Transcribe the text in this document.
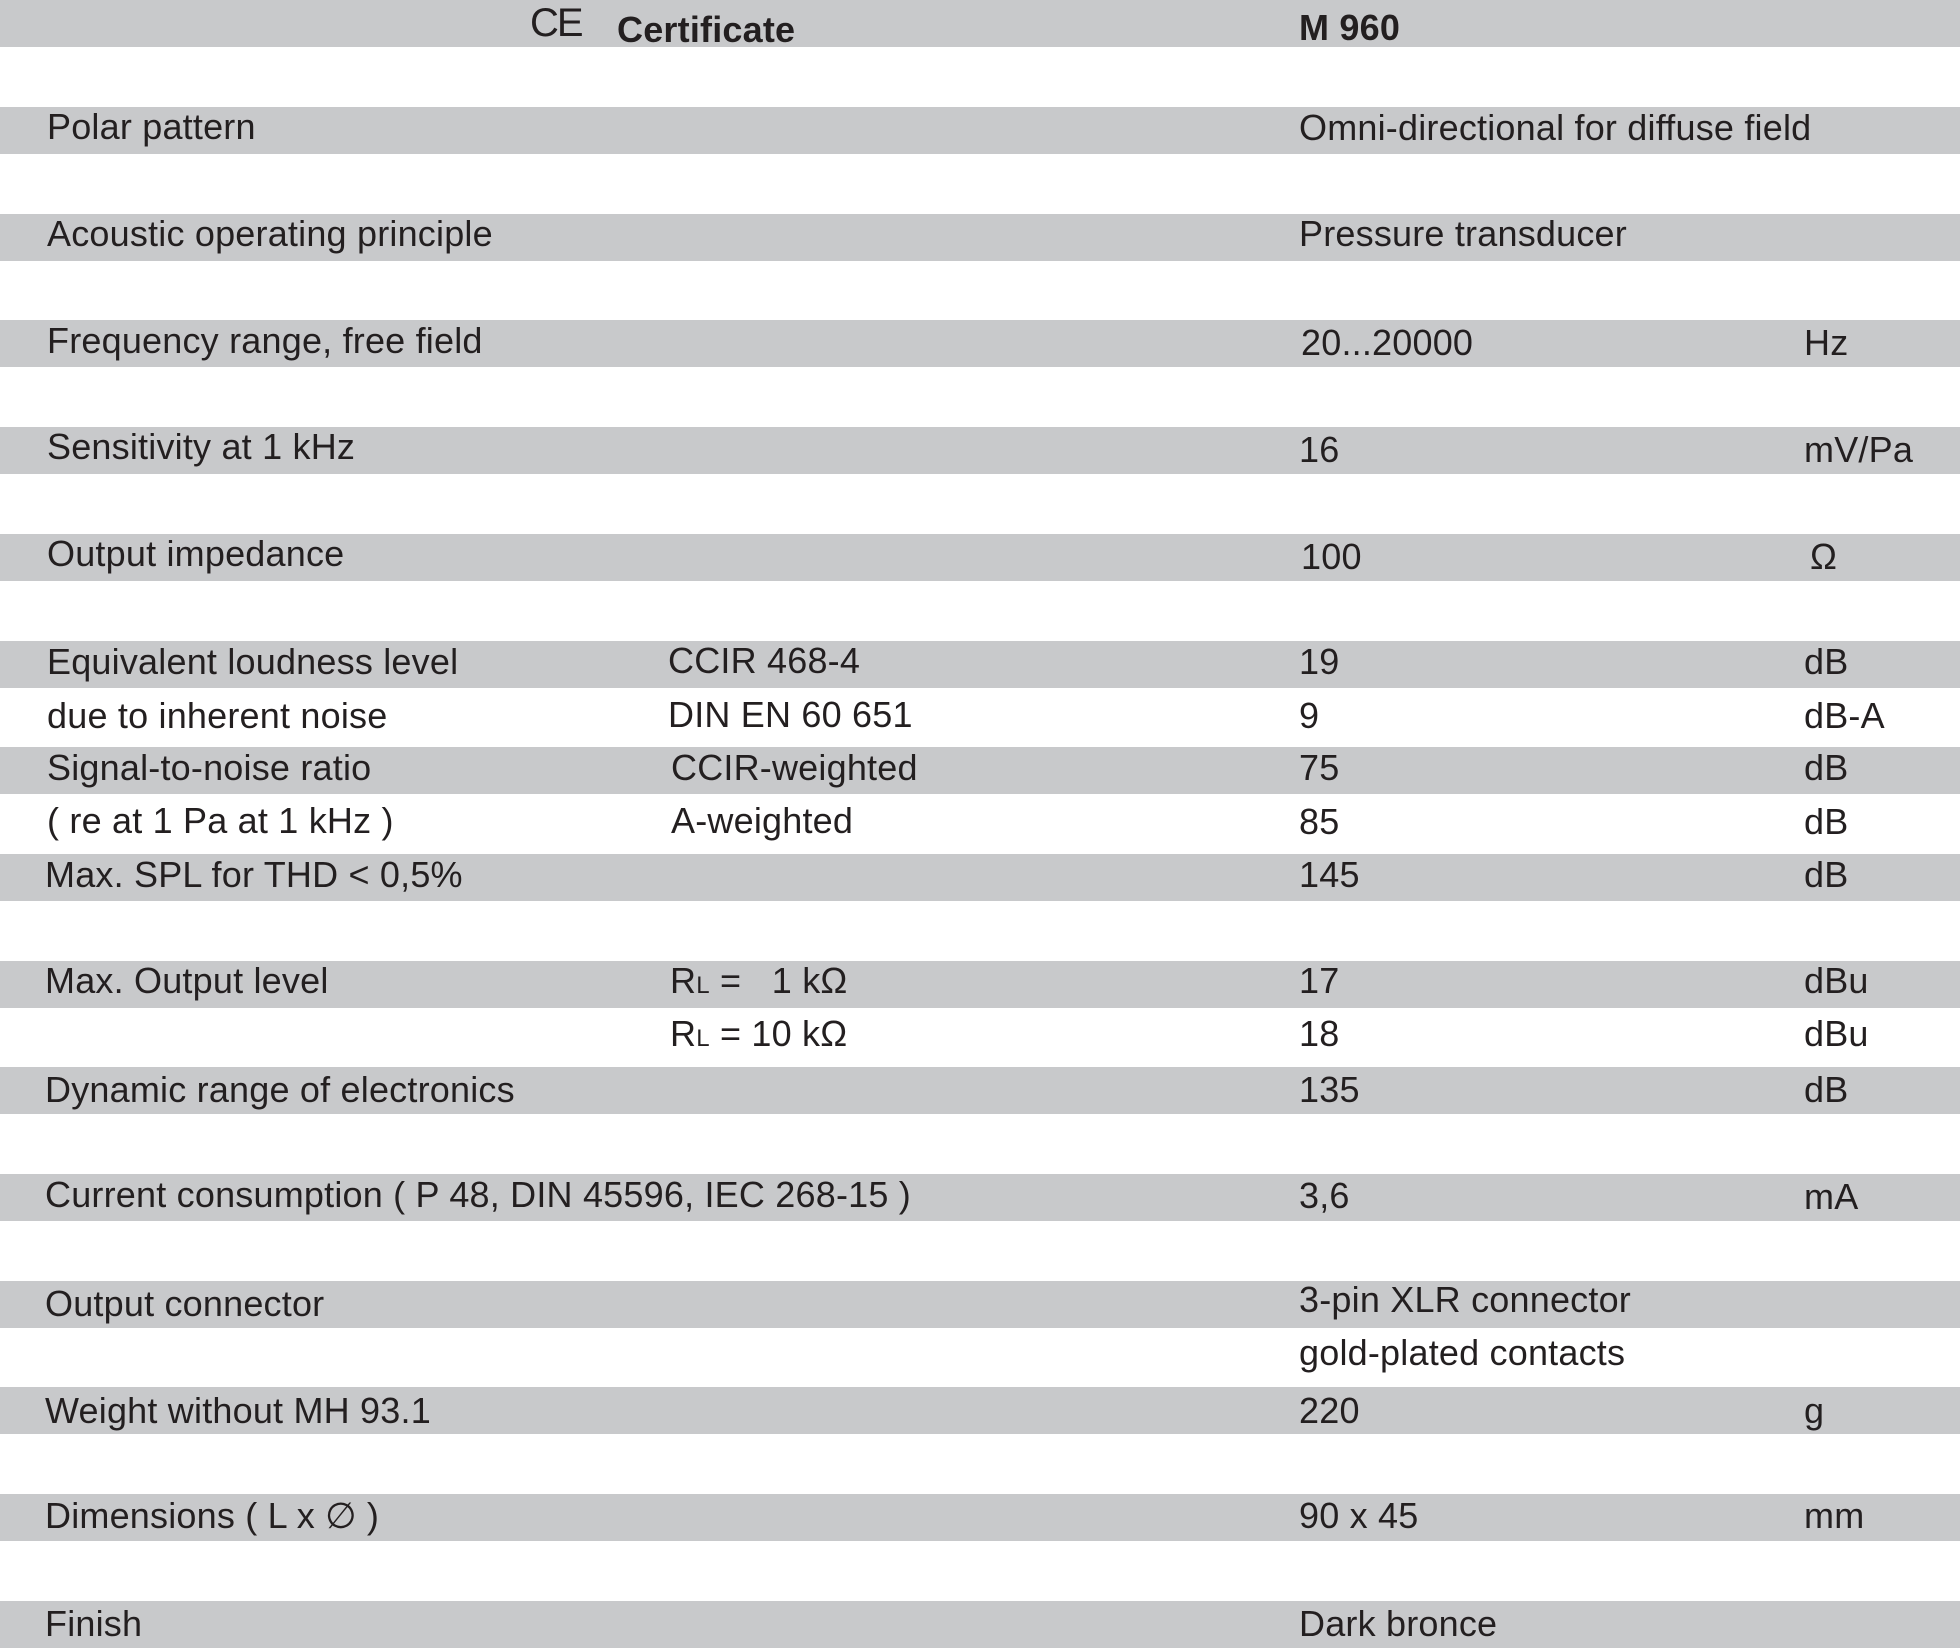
CE Certificate	M 960
Polar pattern	Omni-directional for diffuse field
Acoustic operating principle	Pressure transducer
Frequency range, free field	20...20000	Hz
Sensitivity at 1 kHz	16	mV/Pa
Output impedance	100	Ω
Equivalent loudness level	CCIR 468-4	19	dB
due to inherent noise	DIN EN 60 651	9	dB-A
Signal-to-noise ratio	CCIR-weighted	75	dB
( re at 1 Pa at 1 kHz )	A-weighted	85	dB
Max. SPL for THD < 0,5%	145	dB
Max. Output level	RL =   1 kΩ	17	dBu
RL = 10 kΩ	18	dBu
Dynamic range of electronics	135	dB
Current consumption ( P 48, DIN 45596, IEC 268-15 )	3,6	mA
Output connector	3-pin XLR connector
gold-plated contacts
Weight without MH 93.1	220	g
Dimensions ( L x ∅ )	90 x 45	mm
Finish	Dark bronce
